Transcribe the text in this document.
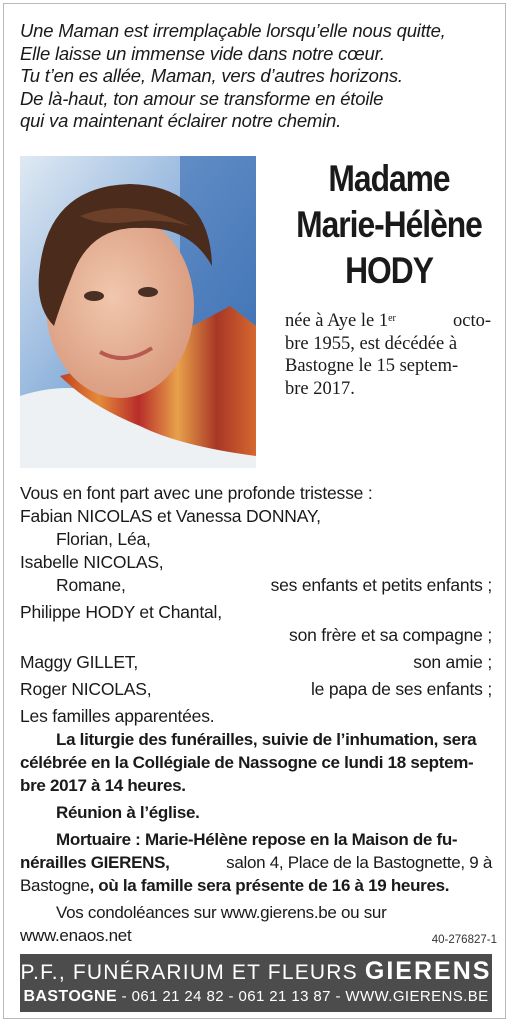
Une Maman est irremplaçable lorsqu’elle nous quitte,
Elle laisse un immense vide dans notre cœur.
Tu t’en es allée, Maman, vers d’autres horizons.
De là-haut, ton amour se transforme en étoile
qui va maintenant éclairer notre chemin.
Madame
Marie-Hélène
HODY
née à Aye le 1er	octo-
bre 1955, est décédée à
Bastogne le 15 septem-
bre 2017.
Vous en font part avec une profonde tristesse :
Fabian NICOLAS et Vanessa DONNAY,
Florian, Léa,
Isabelle NICOLAS,
Romane,	ses enfants et petits enfants ;
Philippe HODY et Chantal,
son frère et sa compagne ;
Maggy GILLET,	son amie ;
Roger NICOLAS,	le papa de ses enfants ;
Les familles apparentées.
La liturgie des funérailles, suivie de l’inhumation, sera
célébrée en la Collégiale de Nassogne ce lundi 18 septem-
bre 2017 à 14 heures.
Réunion à l’église.
Mortuaire : Marie-Hélène repose en la Maison de fu-
nérailles GIERENS,	salon 4, Place de la Bastognette, 9 à
Bastogne , où la famille sera présente de 16 à 19 heures.
Vos condoléances sur www.gierens.be ou sur
www.enaos.net	40-276827-1
P.F., FUNÉRARIUM ET FLEURS GIERENS
BASTOGNE - 061 21 24 82 - 061 21 13 87 - WWW.GIERENS.BE
